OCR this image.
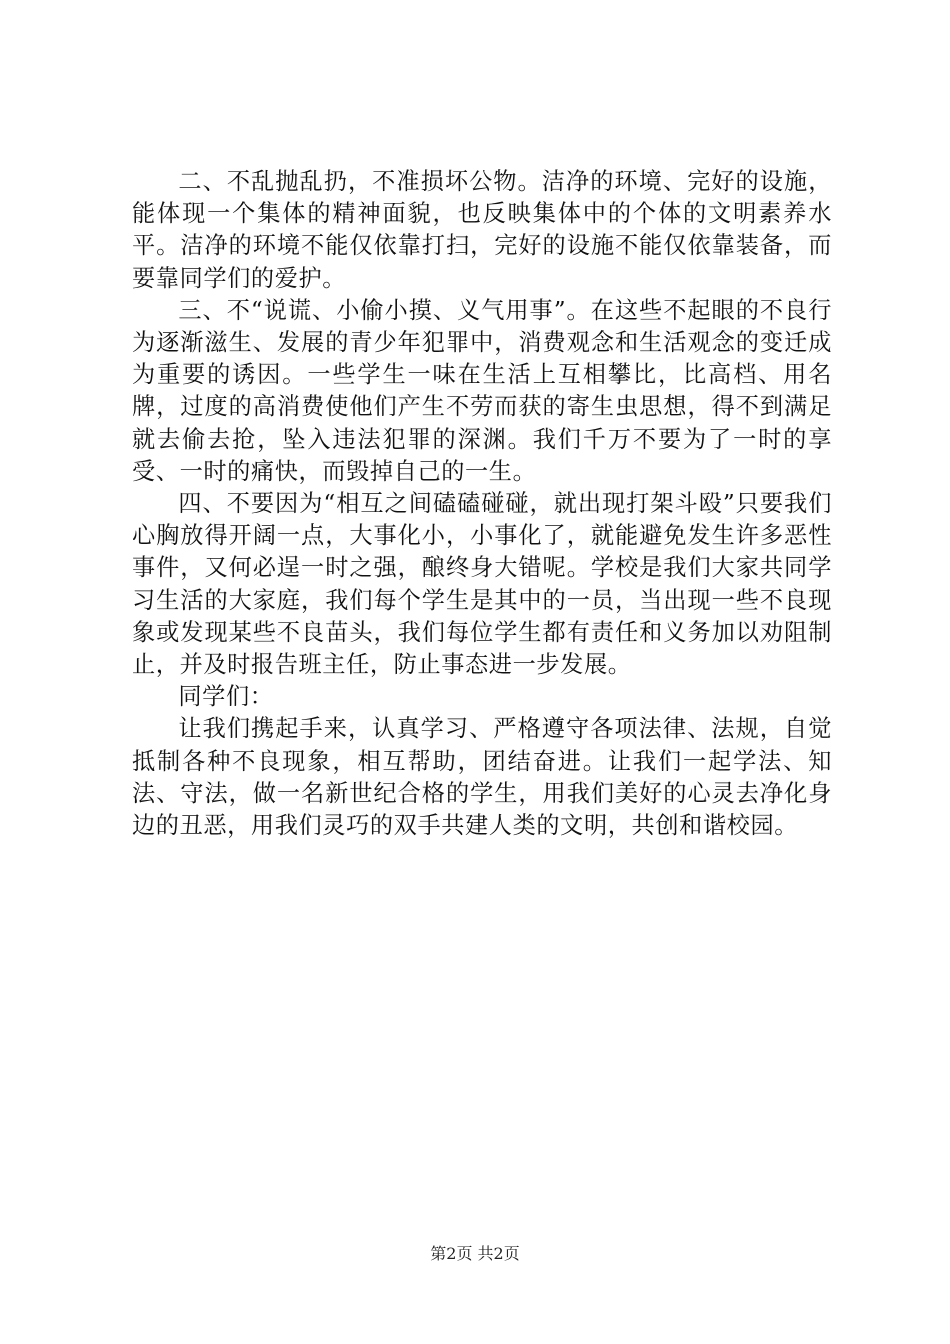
二、不乱抛乱扔，不准损坏公物。洁净的环境、完好的设施，能体现一个集体的精神面貌，也反映集体中的个体的文明素养水平。洁净的环境不能仅依靠打扫，完好的设施不能仅依靠装备，而要靠同学们的爱护。

三、不“说谎、小偷小摸、义气用事”。在这些不起眼的不良行为逐渐滋生、发展的青少年犯罪中，消费观念和生活观念的变迁成为重要的诱因。一些学生一味在生活上互相攀比，比高档、用名牌，过度的高消费使他们产生不劳而获的寄生虫思想，得不到满足就去偷去抢，坠入违法犯罪的深渊。我们千万不要为了一时的享受、一时的痛快，而毁掉自己的一生。

四、不要因为“相互之间磕磕碰碰，就出现打架斗殴”只要我们心胸放得开阔一点，大事化小，小事化了，就能避免发生许多恶性事件，又何必逞一时之强，酿终身大错呢。学校是我们大家共同学习生活的大家庭，我们每个学生是其中的一员，当出现一些不良现象或发现某些不良苗头，我们每位学生都有责任和义务加以劝阻制止，并及时报告班主任，防止事态进一步发展。

同学们：

让我们携起手来，认真学习、严格遵守各项法律、法规，自觉抵制各种不良现象，相互帮助，团结奋进。让我们一起学法、知法、守法，做一名新世纪合格的学生，用我们美好的心灵去净化身边的丑恶，用我们灵巧的双手共建人类的文明，共创和谐校园。

第2页 共2页
